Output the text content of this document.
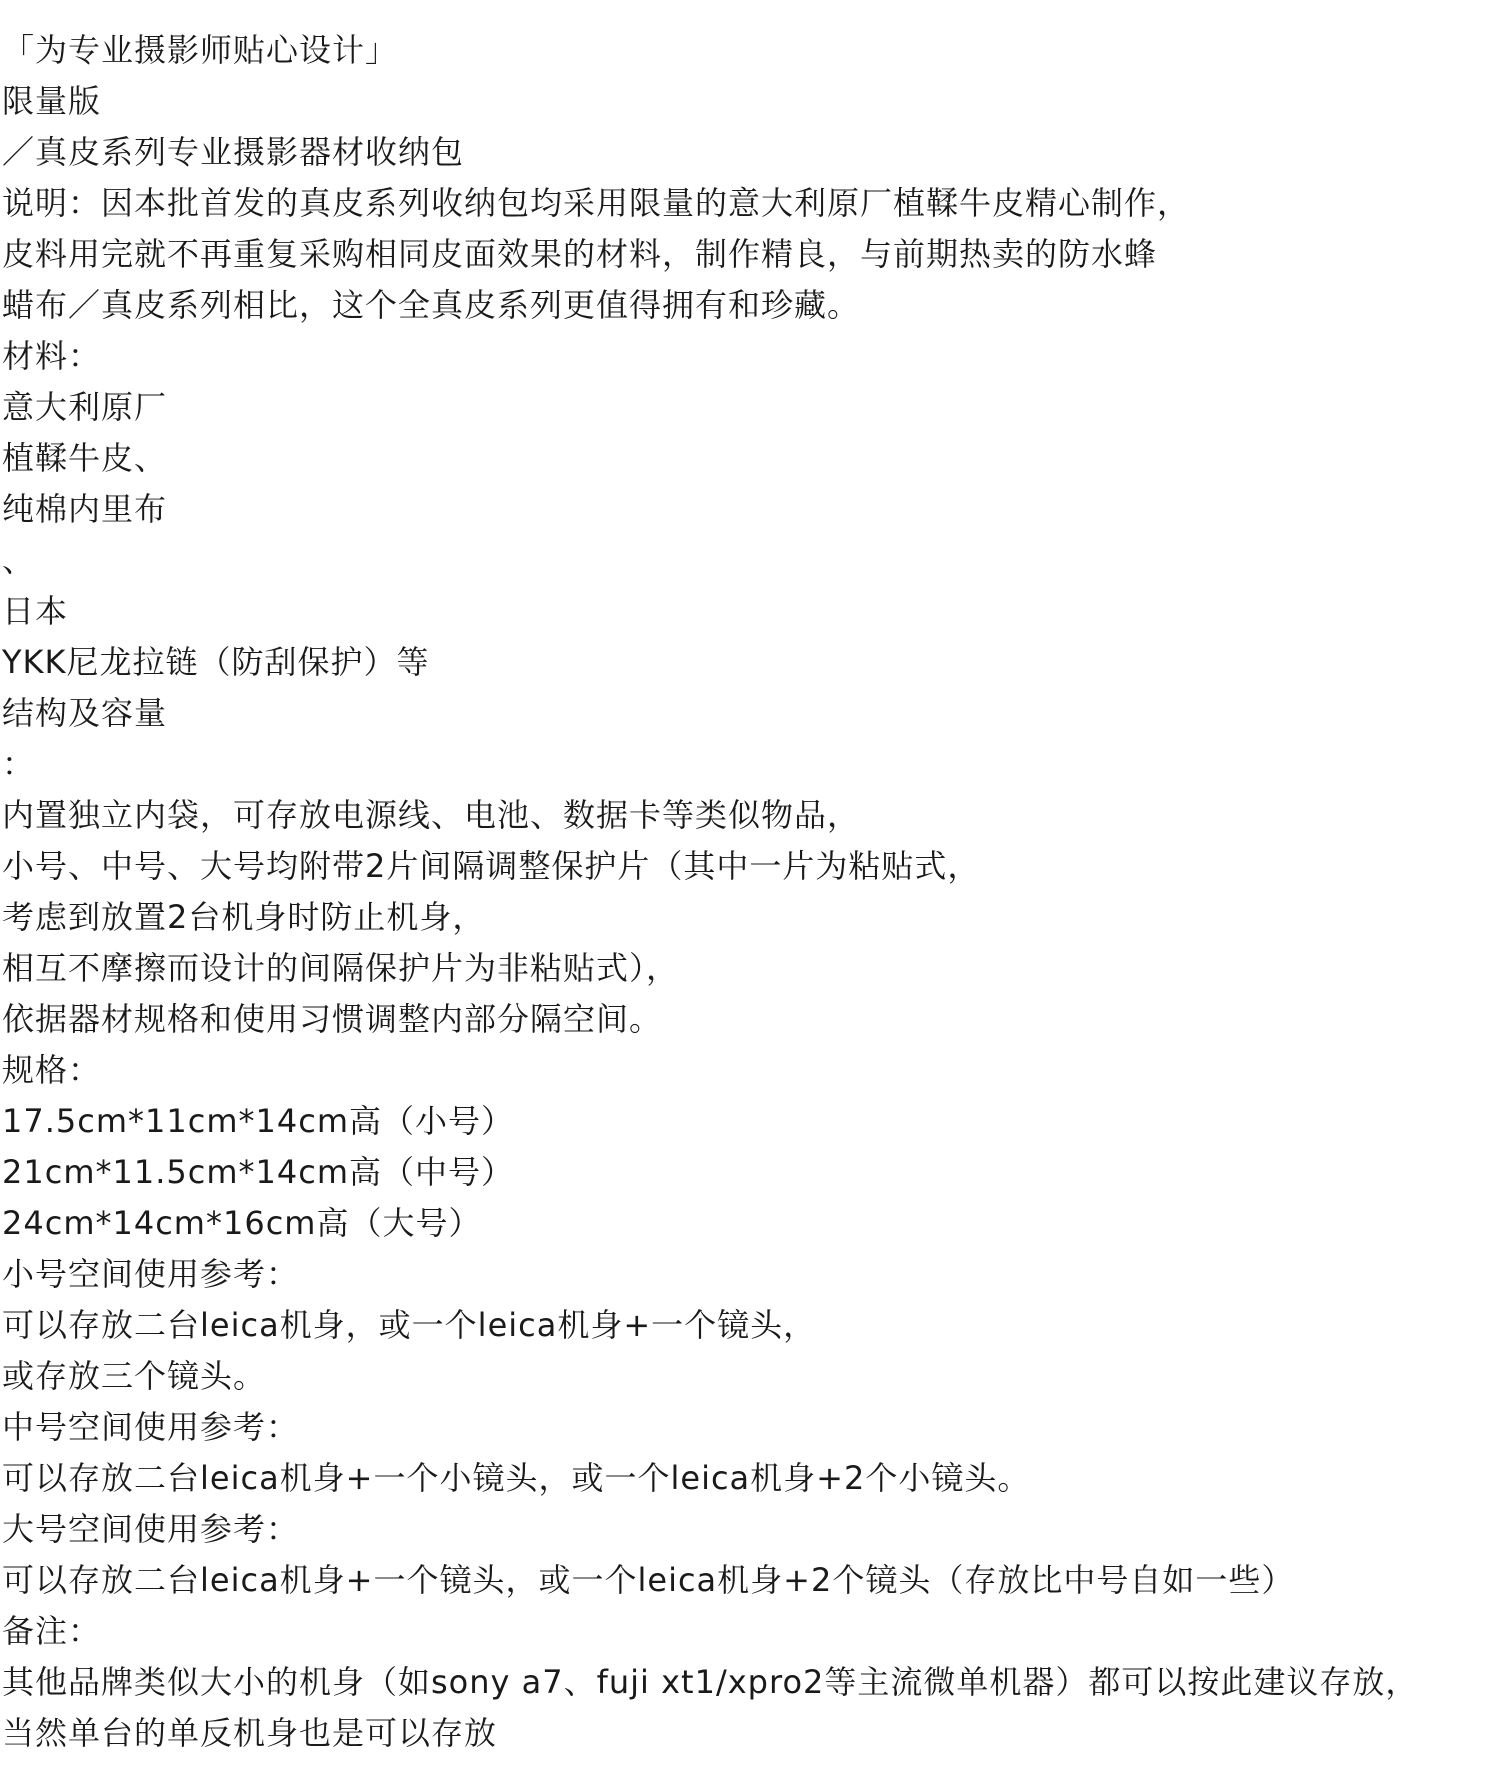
「为专业摄影师贴心设计」
限量版
／真皮系列专业摄影器材收纳包
说明：因本批首发的真皮系列收纳包均采用限量的意大利原厂植鞣牛皮精心制作，
皮料用完就不再重复采购相同皮面效果的材料，制作精良，与前期热卖的防水蜂
蜡布／真皮系列相比，这个全真皮系列更值得拥有和珍藏。
材料：
意大利原厂
植鞣牛皮、
纯棉内里布
、
日本
YKK尼龙拉链（防刮保护）等
结构及容量
：
内置独立内袋，可存放电源线、电池、数据卡等类似物品，
小号、中号、大号均附带2片间隔调整保护片（其中一片为粘贴式，
考虑到放置2台机身时防止机身，
相互不摩擦而设计的间隔保护片为非粘贴式），
依据器材规格和使用习惯调整内部分隔空间。
规格：
17.5cm*11cm*14cm高（小号）
21cm*11.5cm*14cm高（中号）
24cm*14cm*16cm高（大号）
小号空间使用参考：
可以存放二台leica机身，或一个leica机身+一个镜头，
或存放三个镜头。
中号空间使用参考：
可以存放二台leica机身+一个小镜头，或一个leica机身+2个小镜头。
大号空间使用参考：
可以存放二台leica机身+一个镜头，或一个leica机身+2个镜头（存放比中号自如一些）
备注：
其他品牌类似大小的机身（如sony a7、fuji xt1/xpro2等主流微单机器）都可以按此建议存放，
当然单台的单反机身也是可以存放
